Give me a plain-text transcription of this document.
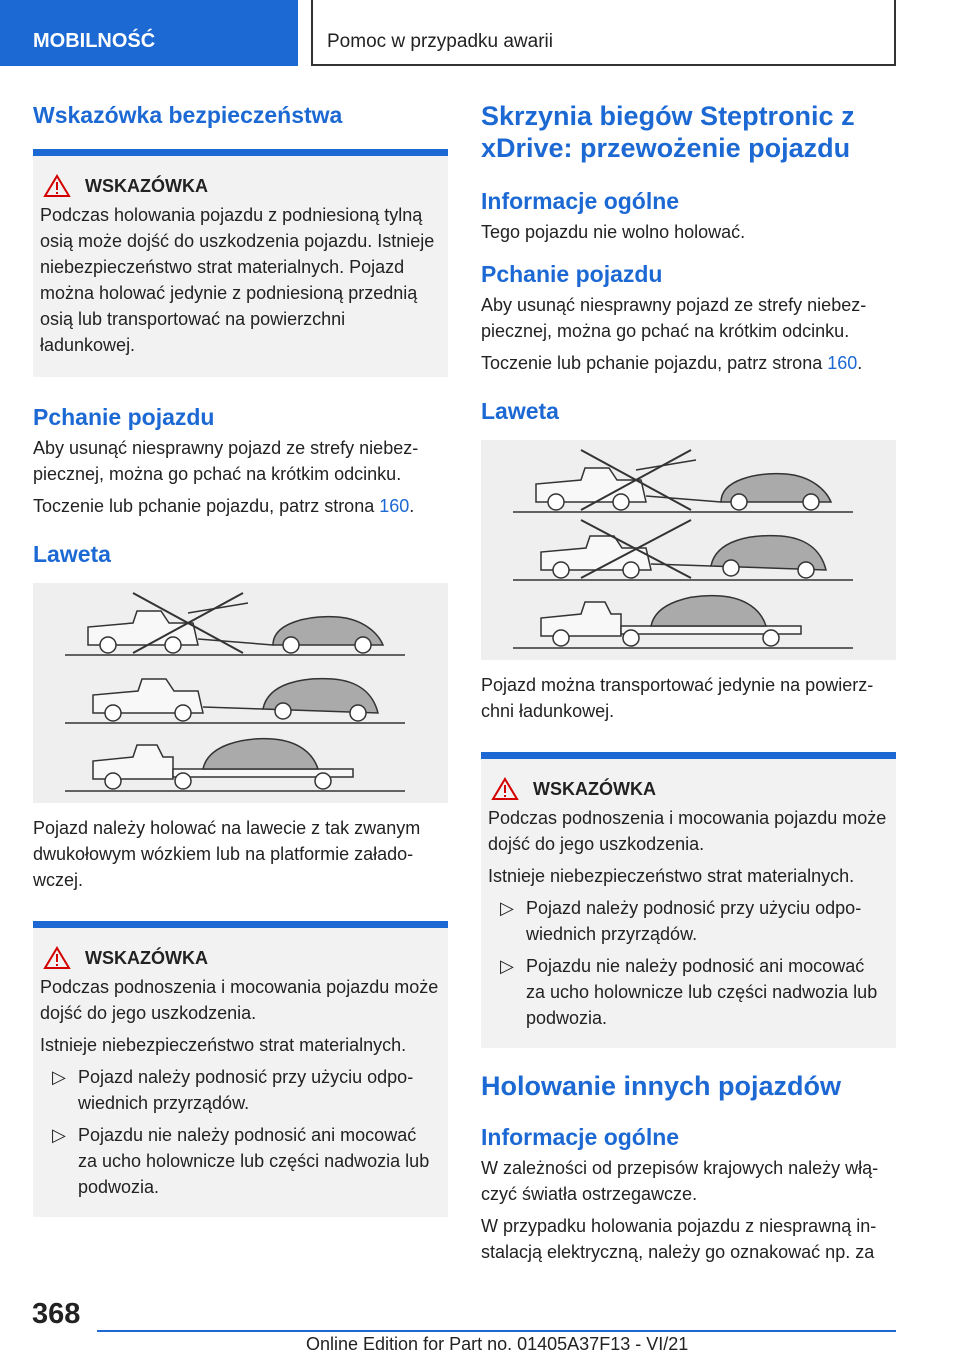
MOBILNOŚĆ	Pomoc w przypadku awarii
Wskazówka bezpieczeństwa
WSKAZÓWKA

Podczas holowania pojazdu z podniesioną tylną osią może dojść do uszkodzenia pojazdu. Istnieje niebezpieczeństwo strat materialnych. Pojazd można holować jedynie z podniesioną przednią osią lub transportować na powierzchni ładunkowej.

Pchanie pojazdu

Aby usunąć niesprawny pojazd ze strefy niebezpiecznej, można go pchać na krótkim odcinku.

Toczenie lub pchanie pojazdu, patrz strona 160.

Laweta

Pojazd należy holować na lawecie z tak zwanym dwukołowym wózkiem lub na platformie załadowczej.

WSKAZÓWKA

Podczas podnoszenia i mocowania pojazdu może dojść do jego uszkodzenia.

Istnieje niebezpieczeństwo strat materialnych.

▷ Pojazd należy podnosić przy użyciu odpowiednich przyrządów.
▷ Pojazdu nie należy podnosić ani mocować za ucho holownicze lub części nadwozia lub podwozia.
Skrzynia biegów Steptronic z xDrive: przewożenie pojazdu
Informacje ogólne

Tego pojazdu nie wolno holować.

Pchanie pojazdu

Aby usunąć niesprawny pojazd ze strefy niebezpiecznej, można go pchać na krótkim odcinku.

Toczenie lub pchanie pojazdu, patrz strona 160.

Laweta

Pojazd można transportować jedynie na powierzchni ładunkowej.

WSKAZÓWKA

Podczas podnoszenia i mocowania pojazdu może dojść do jego uszkodzenia.

Istnieje niebezpieczeństwo strat materialnych.

▷ Pojazd należy podnosić przy użyciu odpowiednich przyrządów.
▷ Pojazdu nie należy podnosić ani mocować za ucho holownicze lub części nadwozia lub podwozia.
Holowanie innych pojazdów
Informacje ogólne

W zależności od przepisów krajowych należy włączyć światła ostrzegawcze.

W przypadku holowania pojazdu z niesprawną instalacją elektryczną, należy go oznakować np. za

368
Online Edition for Part no. 01405A37F13 - VI/21
